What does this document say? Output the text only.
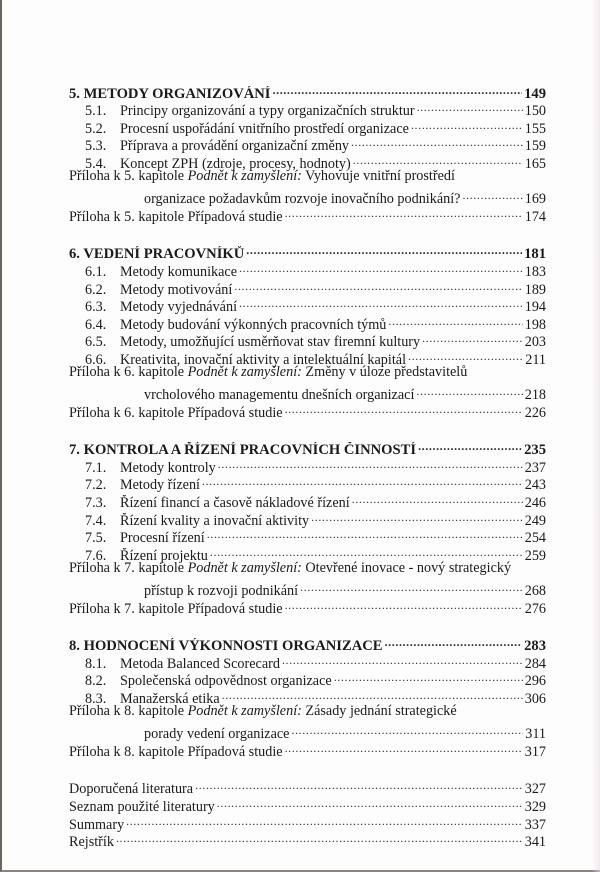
5. METODY ORGANIZOVÁNÍ .....	149
5.1. Principy organizování a typy organizačních struktur .....	150
5.2. Procesní uspořádání vnitřního prostředí organizace .....	155
5.3. Příprava a provádění organizační změny .....	159
5.4. Koncept ZPH (zdroje, procesy, hodnoty) .....	165
Příloha k 5. kapitole Podnět k zamyšlení: Vyhovuje vnitřní prostředí
organizace požadavkům rozvoje inovačního podnikání? .....	169
Příloha k 5. kapitole Případová studie .....	174
6. VEDENÍ PRACOVNÍKŮ .....	181
6.1. Metody komunikace .....	183
6.2. Metody motivování .....	189
6.3. Metody vyjednávání .....	194
6.4. Metody budování výkonných pracovních týmů .....	198
6.5. Metody, umožňující usměrňovat stav firemní kultury .....	203
6.6. Kreativita, inovační aktivity a intelektuální kapitál .....	211
Příloha k 6. kapitole Podnět k zamyšlení: Změny v úloze představitelů
vrcholového managementu dnešních organizací .....	218
Příloha k 6. kapitole Případová studie .....	226
7. KONTROLA A ŘÍZENÍ PRACOVNÍCH ČINNOSTÍ .....	235
7.1. Metody kontroly .....	237
7.2. Metody řízení .....	243
7.3. Řízení financí a časově nákladové řízení .....	246
7.4. Řízení kvality a inovační aktivity .....	249
7.5. Procesní řízení .....	254
7.6. Řízení projektu .....	259
Příloha k 7. kapitole Podnět k zamyšlení: Otevřené inovace - nový strategický
přístup k rozvoji podnikání .....	268
Příloha k 7. kapitole Případová studie .....	276
8. HODNOCENÍ VÝKONNOSTI ORGANIZACE .....	283
8.1. Metoda Balanced Scorecard .....	284
8.2. Společenská odpovědnost organizace .....	296
8.3. Manažerská etika .....	306
Příloha k 8. kapitole Podnět k zamyšlení: Zásady jednání strategické
porady vedení organizace .....	311
Příloha k 8. kapitole Případová studie .....	317
Doporučená literatura .....	327
Seznam použité literatury .....	329
Summary .....	337
Rejstřík .....	341
